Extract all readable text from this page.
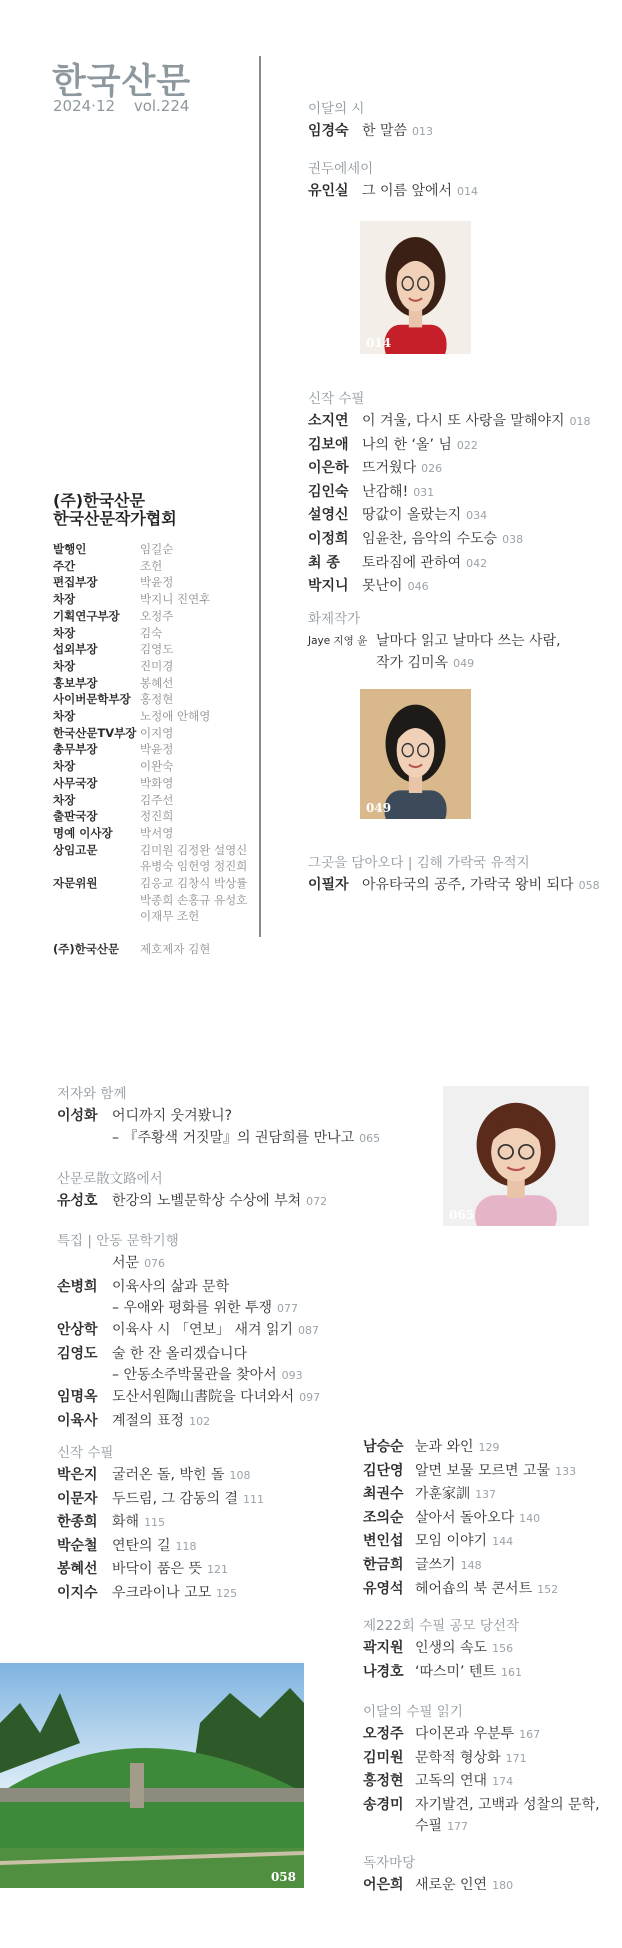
한국산문
2024·12 vol.224
(주)한국산문
한국산문작가협회
발행인	임길순
주간	조헌
편집부장	박윤정
차장	박지니 진연후
기획연구부장	오정주
차장	김숙
섭외부장	김영도
차장	진미경
홍보부장	봉혜선
사이버문학부장 홍정현
차장	노정애 안해영
한국산문TV부장 이지영
총무부장	박윤정
차장	이완숙
사무국장	박화영
차장	김주선
출판국장	정진희
명예 이사장	박서영
상임고문	김미원 김정완 설영신
유병숙 임헌영 정진희
자문위원	김응교 김창식 박상률
박종희 손홍규 유성호
이재무 조헌
(주)한국산문	제호제자 김현
014
049
065
058
이달의 시
임경숙 한 말씀 013
권두에세이
유인실 그 이름 앞에서 014
신작 수필
소지연 이 겨울, 다시 또 사랑을 말해야지 018
김보애 나의 한 ‘올’ 님 022
이은하 뜨거웠다 026
김인숙 난감해! 031
설영신 땅값이 올랐는지 034
이정희 임윤찬, 음악의 수도승 038
최 종	토라짐에 관하여 042
박지니 못난이 046
화제작가
Jaye 지영 윤 날마다 읽고 날마다 쓰는 사람,
작가 김미옥 049
그곳을 담아오다 | 김해 가락국 유적지
이필자 아유타국의 공주, 가락국 왕비 되다 058
저자와 함께
이성화	어디까지 웃겨봤니?
– 『주황색 거짓말』의 권담희를 만나고 065
산문로散文路에서
유성호	한강의 노벨문학상 수상에 부쳐 072
특집 | 안동 문학기행
서문 076
손병희	이육사의 삶과 문학
– 우애와 평화를 위한 투쟁 077
안상학	이육사 시 「연보」 새겨 읽기 087
김영도	술 한 잔 올리겠습니다
– 안동소주박물관을 찾아서 093
임명옥	도산서원陶山書院을 다녀와서 097
이육사	계절의 표정 102
신작 수필
박은지	굴러온 돌, 박힌 돌 108
이문자	두드림, 그 감동의 결 111
한종희	화해 115
박순철	연탄의 길 118
봉혜선	바닥이 품은 뜻 121
이지수	우크라이나 고모 125
남승순 눈과 와인 129
김단영 알면 보물 모르면 고물 133
최권수 가훈家訓 137
조의순 살아서 돌아오다 140
변인섭 모임 이야기 144
한금희 글쓰기 148
유영석 헤어숍의 북 콘서트 152
제222회 수필 공모 당선작
곽지원 인생의 속도 156
나경호 ‘따스미’ 텐트 161
이달의 수필 읽기
오정주 다이몬과 우분투 167
김미원 문학적 형상화 171
홍정현 고독의 연대 174
송경미 자기발견, 고백과 성찰의 문학,
수필 177
독자마당
어은희 새로운 인연 180
